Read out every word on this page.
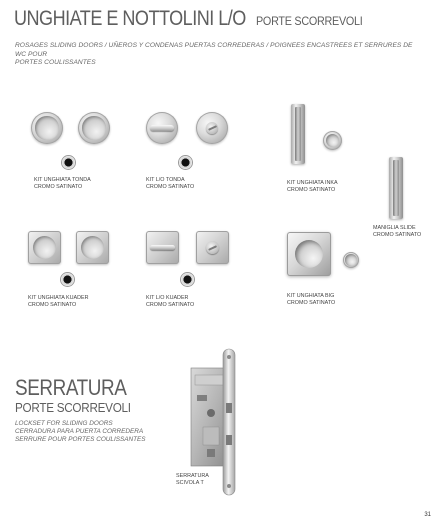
UNGHIATE E NOTTOLINI L/O PORTE SCORREVOLI
ROSAGES SLIDING DOORS / UÑEROS Y CONDENAS PUERTAS CORREDERAS / POIGNEES ENCASTREES ET SERRURES DE WC POUR
PORTES COULISSANTES
KIT UNGHIATA TONDA
CROMO SATINATO
KIT L/O TONDA
CROMO SATINATO
KIT UNGHIATA INKA
CROMO SATINATO
MANIGLIA SLIDE
CROMO SATINATO
KIT UNGHIATA KUADER
CROMO SATINATO
KIT L/O KUADER
CROMO SATINATO
KIT UNGHIATA BIG
CROMO SATINATO
SERRATURA
PORTE SCORREVOLI
LOCKSET FOR SLIDING DOORS
CERRADURA PARA PUERTA CORREDERA
SERRURE POUR PORTES COULISSANTES
SERRATURA
SCIVOLA T
31
